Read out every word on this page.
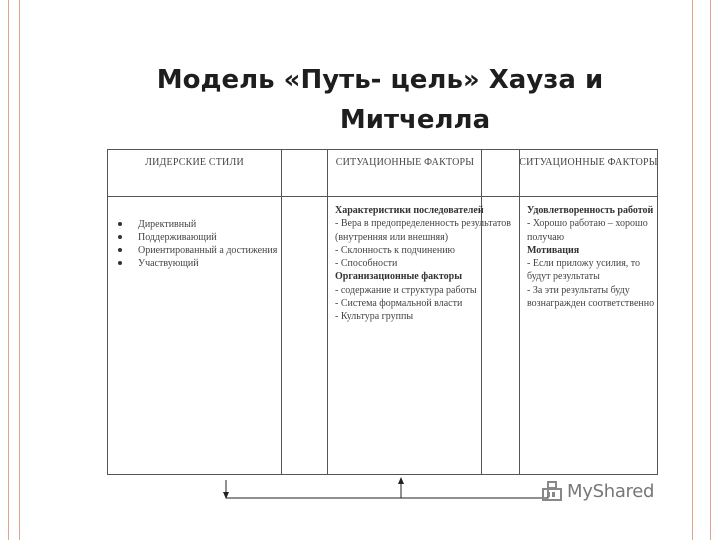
Модель «Путь- цель» Хауза и
Митчелла
ЛИДЕРСКИЕ СТИЛИ	СИТУАЦИОННЫЕ ФАКТОРЫ	СИТУАЦИОННЫЕ ФАКТОРЫ
Директивный
Поддерживающий
Ориентированный а достижения
Участвующий
Характеристики последователей
- Вера в предопределенность результатов (внутренняя или внешняя)
- Склонность к подчинению
- Способности
Организационные факторы
- содержание и структура работы
- Система формальной власти
- Культура группы
Удовлетворенность работой
- Хорошо работаю – хорошо получаю
Мотивация
- Если приложу усилия, то будут результаты
- За эти результаты буду вознагражден соответственно
MyShared
